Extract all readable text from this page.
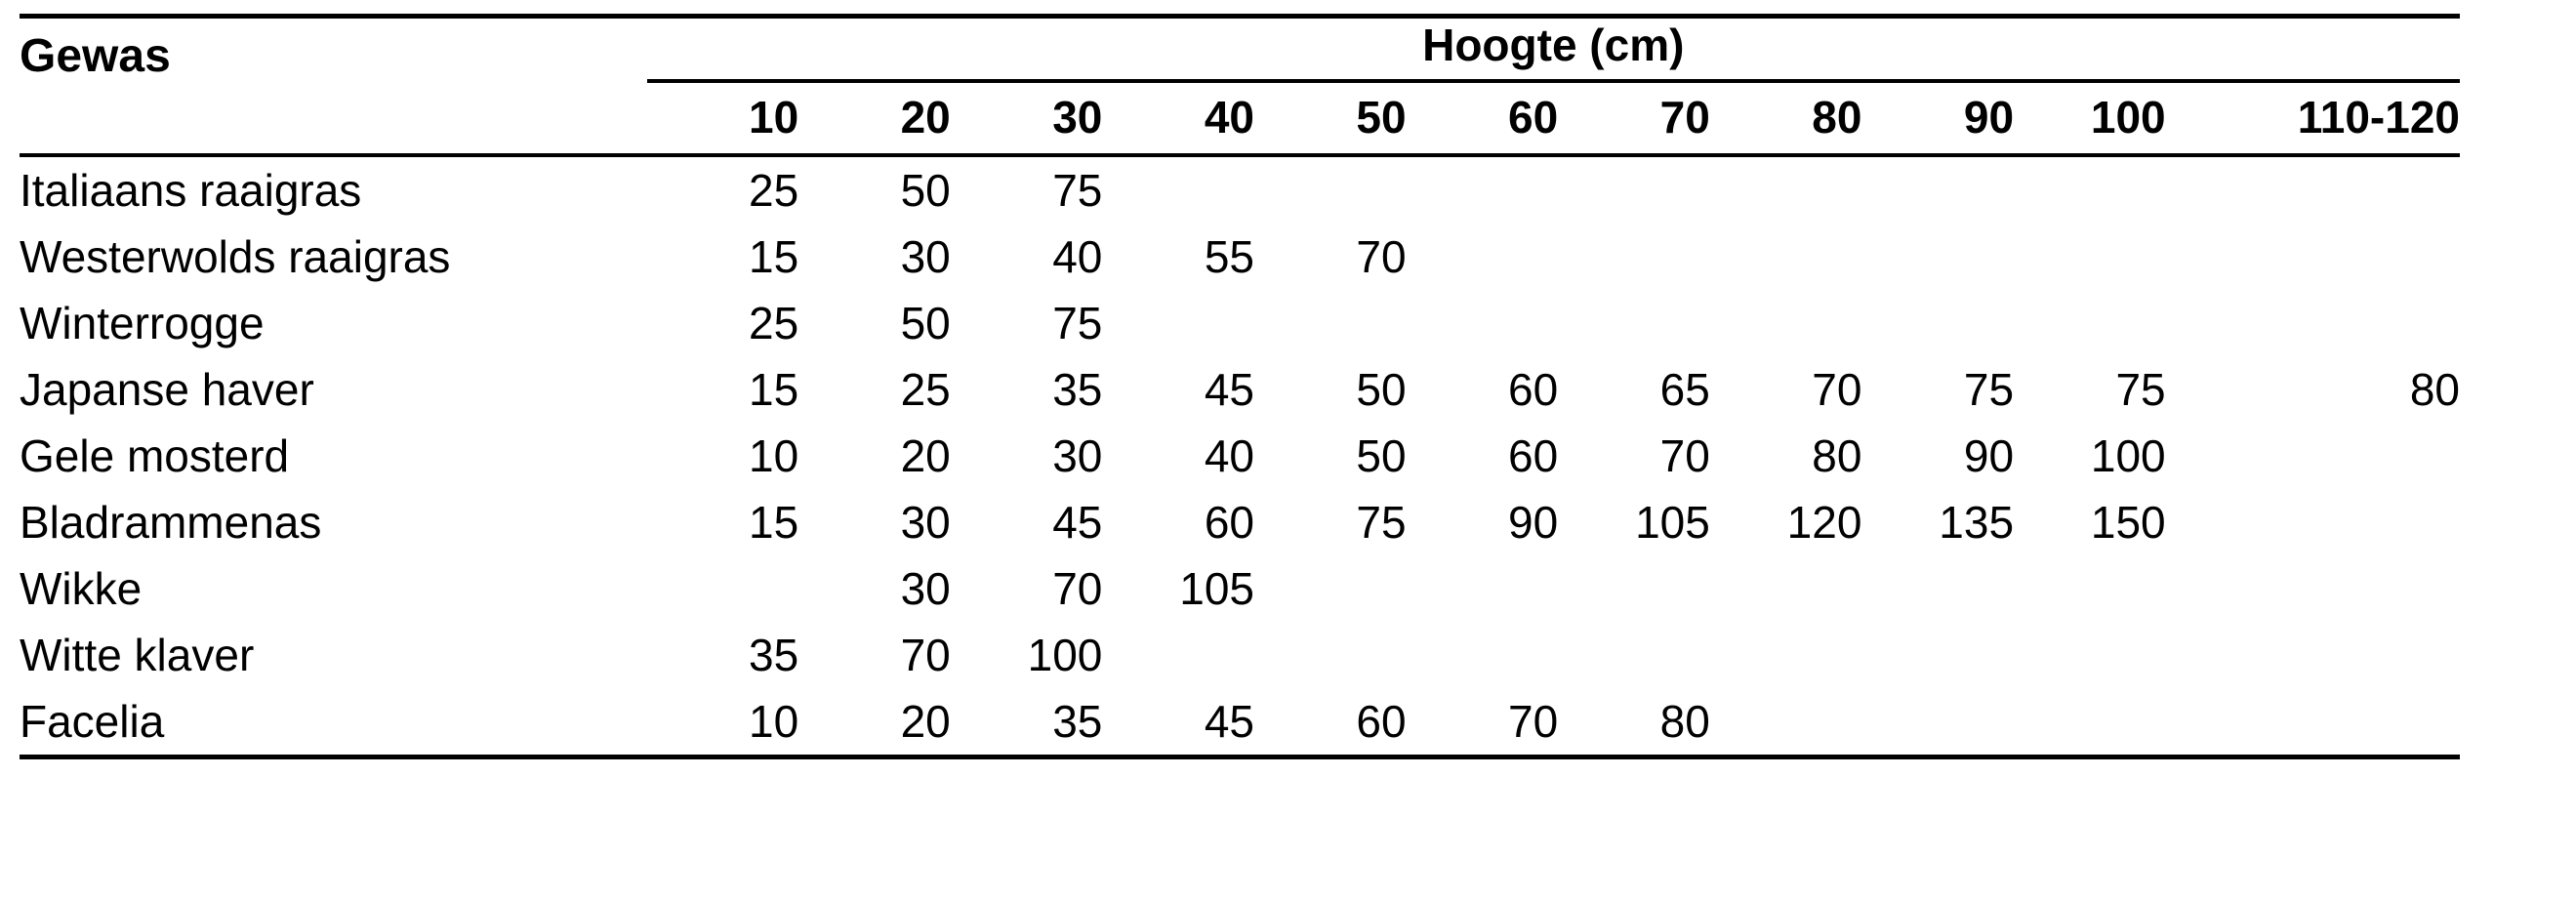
Gewas	Hoogte (cm)										

	10	20	30	40	50	60	70	80	90	100	110-120
Italiaans raaigras	25	50	75								
Westerwolds raaigras	15	30	40	55	70						
Winterrogge	25	50	75								
Japanse haver	15	25	35	45	50	60	65	70	75	75	80
Gele mosterd	10	20	30	40	50	60	70	80	90	100	
Bladrammenas	15	30	45	60	75	90	105	120	135	150	
Wikke		30	70	105							
Witte klaver	35	70	100								
Facelia	10	20	35	45	60	70	80				
